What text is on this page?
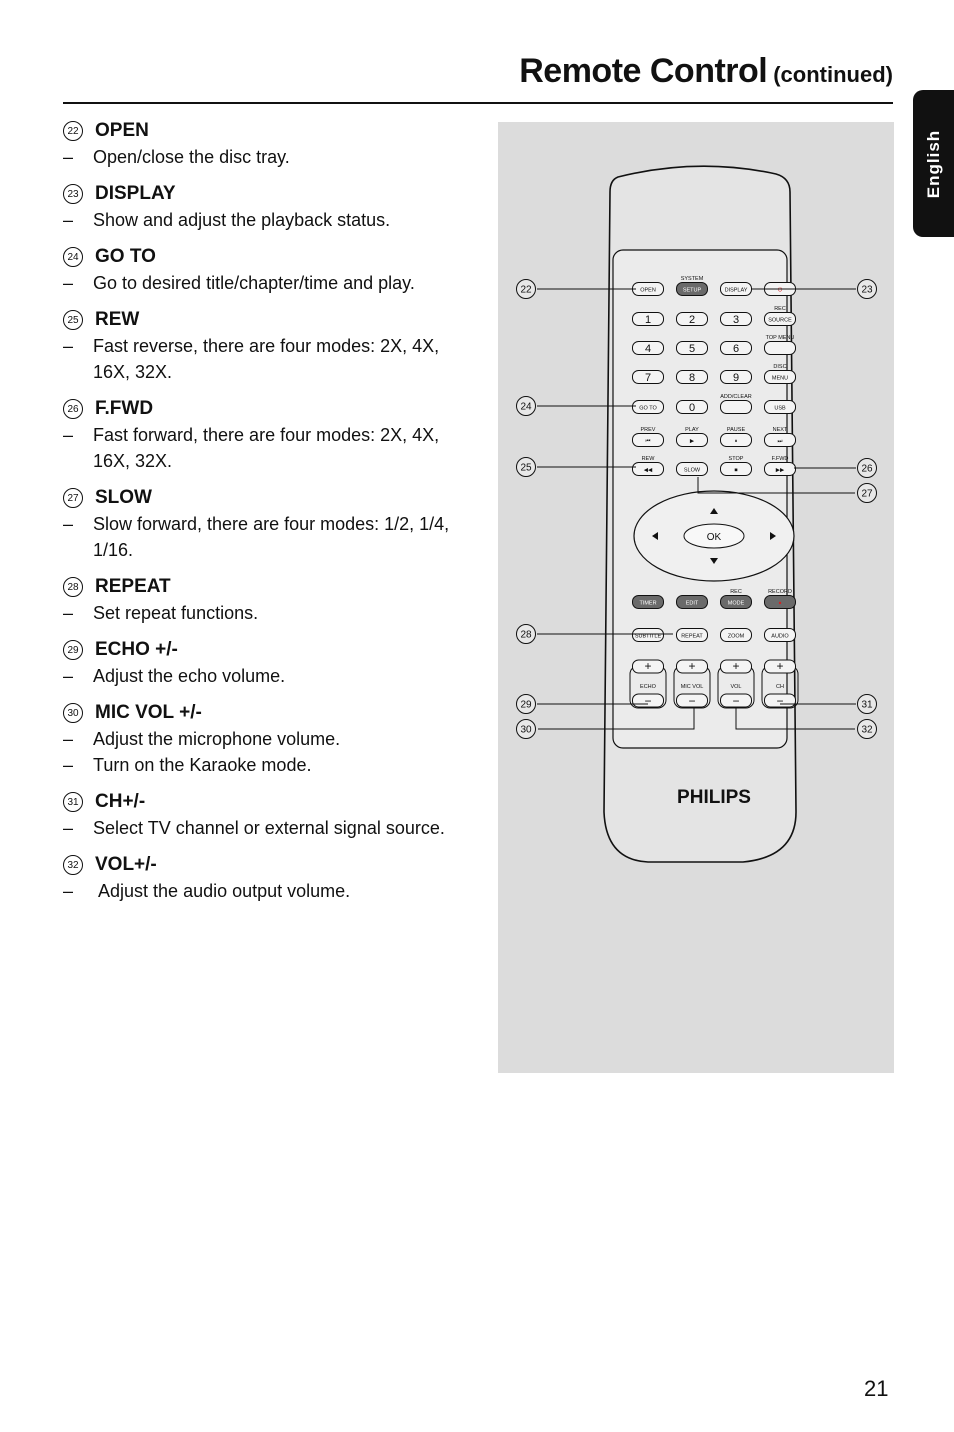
Remote Control (continued)
English
22 OPEN
–	Open/close the disc tray.
23 DISPLAY
–	Show and adjust the playback status.
24 GO TO
–	Go to desired title/chapter/time and play.
25 REW
–	Fast reverse, there are four modes: 2X, 4X, 16X, 32X.
26 F.FWD
–	Fast forward, there are four modes: 2X, 4X, 16X, 32X.
27 SLOW
–	Slow forward, there are four modes: 1/2, 1/4, 1/16.
28 REPEAT
–	Set repeat functions.
29 ECHO +/-
–	Adjust the echo volume.
30 MIC VOL +/-
–	Adjust the microphone volume.
–	Turn on the Karaoke mode.
31 CH+/-
–	Select TV channel or external signal source.
32 VOL+/-
–	Adjust the audio output volume.
OPEN	SETUP	DISPLAY	⏻
SYSTEM
1	2	3	SOURCE
REC
4	5	6
TOP MENU
7	8	9	MENU
DISC
GO TO	0	USB
ADD/CLEAR
⏮	▶	⏸	⏭
PREV	PLAY	PAUSE	NEXT
◀◀	SLOW	■	▶▶
REW	STOP	F.FWD
TIMER	EDIT	MODE	●
REC	RECORD
SUBTITLE	REPEAT	ZOOM	AUDIO
OK
+
ECHO
−
+
MIC VOL
−
+
VOL
−
+
CH
−
PHILIPS
22	23
24
25	26
27
28
29
30
31
32
21
